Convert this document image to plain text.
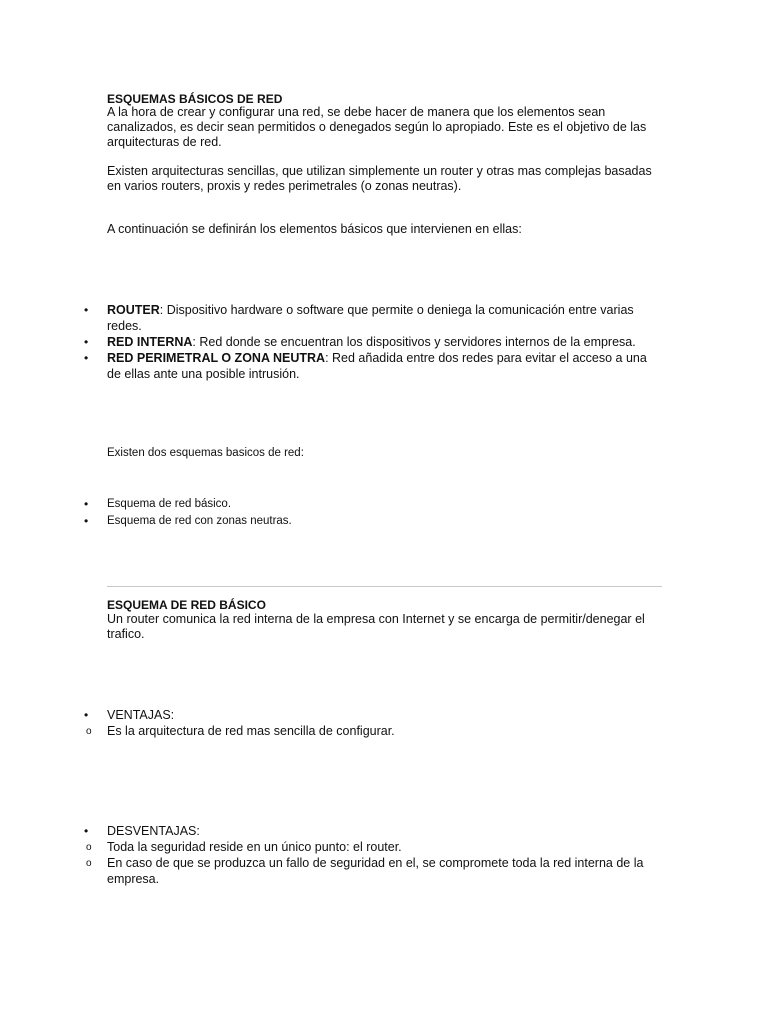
ESQUEMAS BÁSICOS DE RED

A la hora de crear y configurar una red, se debe hacer de manera que los elementos sean canalizados, es decir sean permitidos o denegados según lo apropiado. Este es el objetivo de las arquitecturas de red.

Existen arquitecturas sencillas, que utilizan simplemente un router y otras mas complejas basadas en varios routers, proxis y redes perimetrales (o zonas neutras).

A continuación se definirán los elementos básicos que intervienen en ellas:

• ROUTER: Dispositivo hardware o software que permite o deniega la comunicación entre varias redes.
• RED INTERNA: Red donde se encuentran los dispositivos y servidores internos de la empresa.
• RED PERIMETRAL O ZONA NEUTRA: Red añadida entre dos redes para evitar el acceso a una de ellas ante una posible intrusión.

Existen dos esquemas basicos de red:

• Esquema de red básico.
• Esquema de red con zonas neutras.
ESQUEMA DE RED BÁSICO

Un router comunica la red interna de la empresa con Internet y se encarga de permitir/denegar el trafico.

• VENTAJAS:
o Es la arquitectura de red mas sencilla de configurar.
• DESVENTAJAS:
o Toda la seguridad reside en un único punto: el router.
o En caso de que se produzca un fallo de seguridad en el, se compromete toda la red interna de la empresa.
